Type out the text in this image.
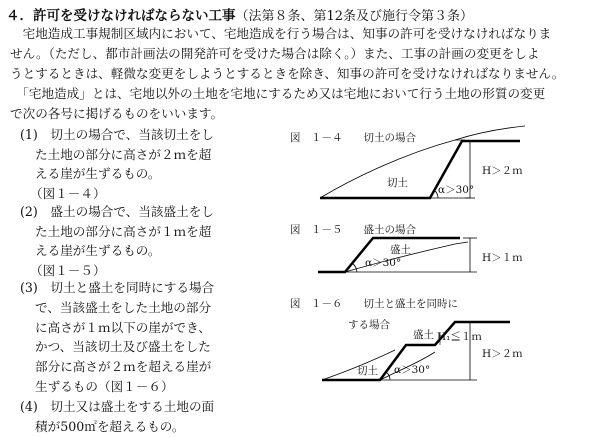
４．許可を受けなければならない工事（法第８条、第12条及び施行令第３条）
　宅地造成工事規制区域内において、宅地造成を行う場合は、知事の許可を受けなければなりま
せん。（ただし、都市計画法の開発許可を受けた場合は除く。）また、工事の計画の変更をしよ
うとするときは、軽微な変更をしようとするときを除き、知事の許可を受けなければなりません。
　「宅地造成」とは、宅地以外の土地を宅地にするため又は宅地において行う土地の形質の変更
で次の各号に掲げるものをいいます。
(1)　切土の場合で、当該切土をし
た土地の部分に高さが２ｍを超
える崖が生ずるもの。
（図１－４）
(2)　盛土の場合で、当該盛土をし
た土地の部分に高さが１ｍを超
える崖が生ずるもの。
（図１－５）
(3)　切土と盛土を同時にする場合
で、当該盛土をした土地の部分
に高さが１ｍ以下の崖ができ、
かつ、当該切土及び盛土をした
部分に高さが２ｍを超える崖が
生ずるもの（図１－６）
(4)　切土又は盛土をする土地の面
積が500㎡を超えるもの。
図　１－４　　切土の場合
図　１－５　　盛土の場合
図　１－６　　切土と盛土を同時に
する場合
切土
α＞30°
H＞２ｍ
盛土
α＞30°	H＞１ｍ
盛土 H₁≦１ｍ
切土 α＞30°
H＞２ｍ
